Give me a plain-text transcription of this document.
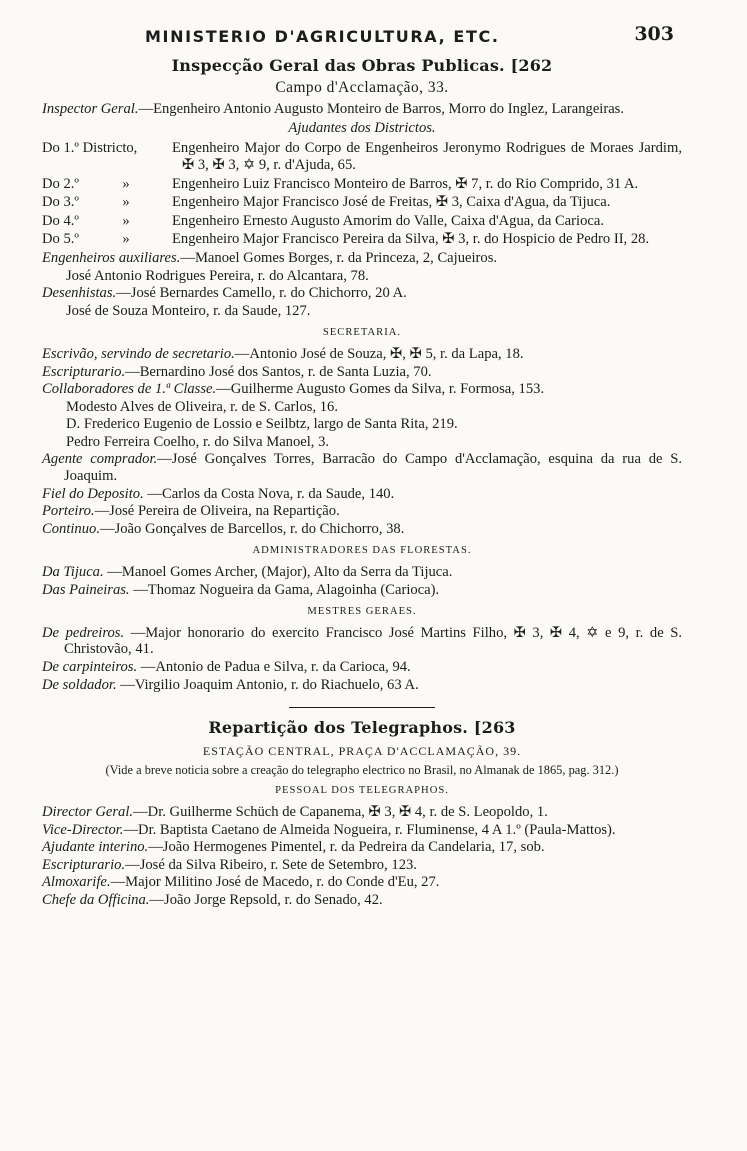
MINISTERIO D'AGRICULTURA, ETC.	303
Inspecção Geral das Obras Publicas. [262
Campo d'Acclamação, 33.

Inspector Geral.—Engenheiro Antonio Augusto Monteiro de Barros, Morro do Inglez, Larangeiras.

Ajudantes dos Districtos.
Do 1.º Districto,	Engenheiro Major do Corpo de Engenheiros Jeronymo Rodrigues de Moraes Jardim, ✠ 3, ✠ 3, ✡ 9, r. d'Ajuda, 65.
Do 2.º	»	Engenheiro Luiz Francisco Monteiro de Barros, ✠ 7, r. do Rio Comprido, 31 A.
Do 3.º	»	Engenheiro Major Francisco José de Freitas, ✠ 3, Caixa d'Agua, da Tijuca.
Do 4.º	»	Engenheiro Ernesto Augusto Amorim do Valle, Caixa d'Agua, da Carioca.
Do 5.º	»	Engenheiro Major Francisco Pereira da Silva, ✠ 3, r. do Hospicio de Pedro II, 28.

Engenheiros auxiliares.—Manoel Gomes Borges, r. da Princeza, 2, Cajueiros.

José Antonio Rodrigues Pereira, r. do Alcantara, 78.

Desenhistas.—José Bernardes Camello, r. do Chichorro, 20 A.

José de Souza Monteiro, r. da Saude, 127.

SECRETARIA.

Escrivão, servindo de secretario.—Antonio José de Souza, ✠, ✠ 5, r. da Lapa, 18.

Escripturario.—Bernardino José dos Santos, r. de Santa Luzia, 70.

Collaboradores de 1.ª Classe.—Guilherme Augusto Gomes da Silva, r. Formosa, 153.

Modesto Alves de Oliveira, r. de S. Carlos, 16.

D. Frederico Eugenio de Lossio e Seilbtz, largo de Santa Rita, 219.

Pedro Ferreira Coelho, r. do Silva Manoel, 3.

Agente comprador.—José Gonçalves Torres, Barracão do Campo d'Acclamação, esquina da rua de S. Joaquim.

Fiel do Deposito. —Carlos da Costa Nova, r. da Saude, 140.

Porteiro.—José Pereira de Oliveira, na Repartição.

Continuo.—João Gonçalves de Barcellos, r. do Chichorro, 38.

ADMINISTRADORES DAS FLORESTAS.

Da Tijuca. —Manoel Gomes Archer, (Major), Alto da Serra da Tijuca.

Das Paineiras. —Thomaz Nogueira da Gama, Alagoinha (Carioca).

MESTRES GERAES.

De pedreiros. —Major honorario do exercito Francisco José Martins Filho, ✠ 3, ✠ 4, ✡ e 9, r. de S. Christovão, 41.

De carpinteiros. —Antonio de Padua e Silva, r. da Carioca, 94.

De soldador. —Virgilio Joaquim Antonio, r. do Riachuelo, 63 A.

Repartição dos Telegraphos. [263
ESTAÇÃO CENTRAL, PRAÇA D'ACCLAMAÇÃO, 39.
(Vide a breve noticia sobre a creação do telegrapho electrico no Brasil, no Almanak de 1865, pag. 312.)
PESSOAL DOS TELEGRAPHOS.

Director Geral.—Dr. Guilherme Schüch de Capanema, ✠ 3, ✠ 4, r. de S. Leopoldo, 1.

Vice-Director.—Dr. Baptista Caetano de Almeida Nogueira, r. Fluminense, 4 A 1.º (Paula-Mattos).

Ajudante interino.—João Hermogenes Pimentel, r. da Pedreira da Candelaria, 17, sob.

Escripturario.—José da Silva Ribeiro, r. Sete de Setembro, 123.

Almoxarife.—Major Militino José de Macedo, r. do Conde d'Eu, 27.

Chefe da Officina.—João Jorge Repsold, r. do Senado, 42.
